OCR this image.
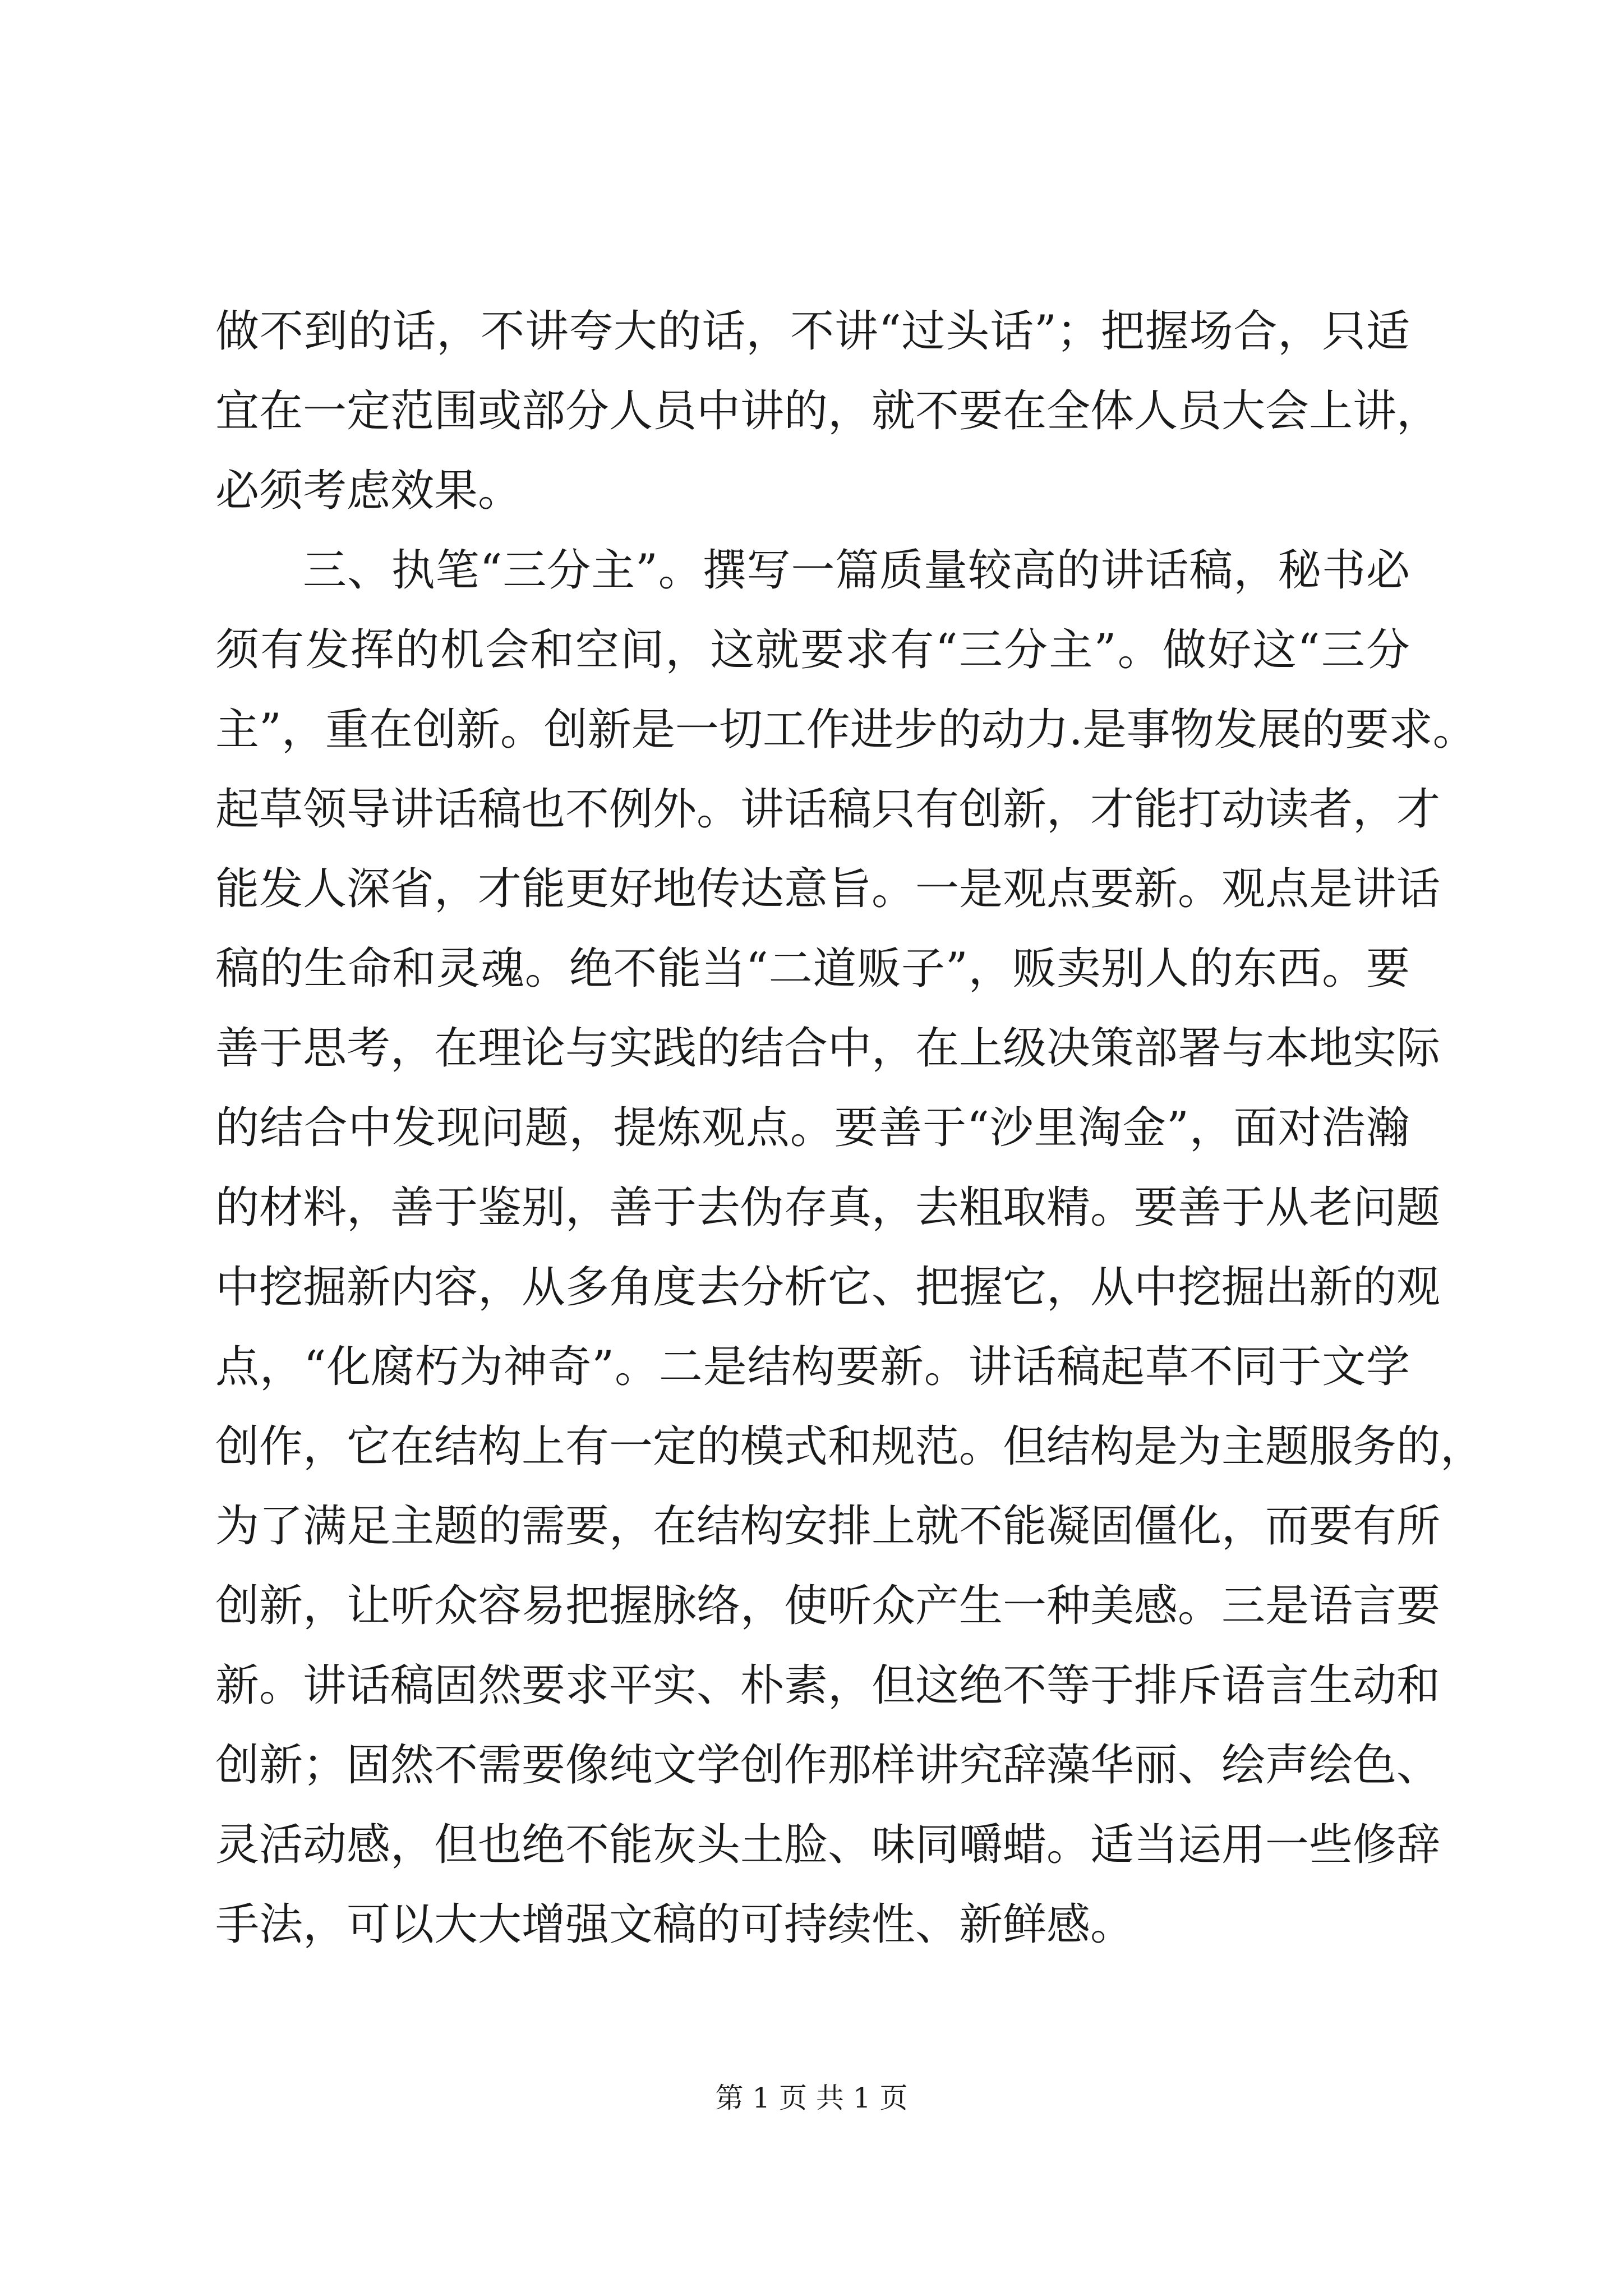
做不到的话，不讲夸大的话，不讲“过头话”；把握场合，只适
宜在一定范围或部分人员中讲的，就不要在全体人员大会上讲，
必须考虑效果。
三、执笔“三分主”。撰写一篇质量较高的讲话稿，秘书必
须有发挥的机会和空间，这就要求有“三分主”。做好这“三分
主”，重在创新。创新是一切工作进步的动力.是事物发展的要求。
起草领导讲话稿也不例外。讲话稿只有创新，才能打动读者，才
能发人深省，才能更好地传达意旨。一是观点要新。观点是讲话
稿的生命和灵魂。绝不能当“二道贩子”，贩卖别人的东西。要
善于思考，在理论与实践的结合中，在上级决策部署与本地实际
的结合中发现问题，提炼观点。要善于“沙里淘金”，面对浩瀚
的材料，善于鉴别，善于去伪存真，去粗取精。要善于从老问题
中挖掘新内容，从多角度去分析它、把握它，从中挖掘出新的观
点，“化腐朽为神奇”。二是结构要新。讲话稿起草不同于文学
创作，它在结构上有一定的模式和规范。但结构是为主题服务的，
为了满足主题的需要，在结构安排上就不能凝固僵化，而要有所
创新，让听众容易把握脉络，使听众产生一种美感。三是语言要
新。讲话稿固然要求平实、朴素，但这绝不等于排斥语言生动和
创新；固然不需要像纯文学创作那样讲究辞藻华丽、绘声绘色、
灵活动感，但也绝不能灰头土脸、味同嚼蜡。适当运用一些修辞
手法，可以大大增强文稿的可持续性、新鲜感。
第 1 页 共 1 页
